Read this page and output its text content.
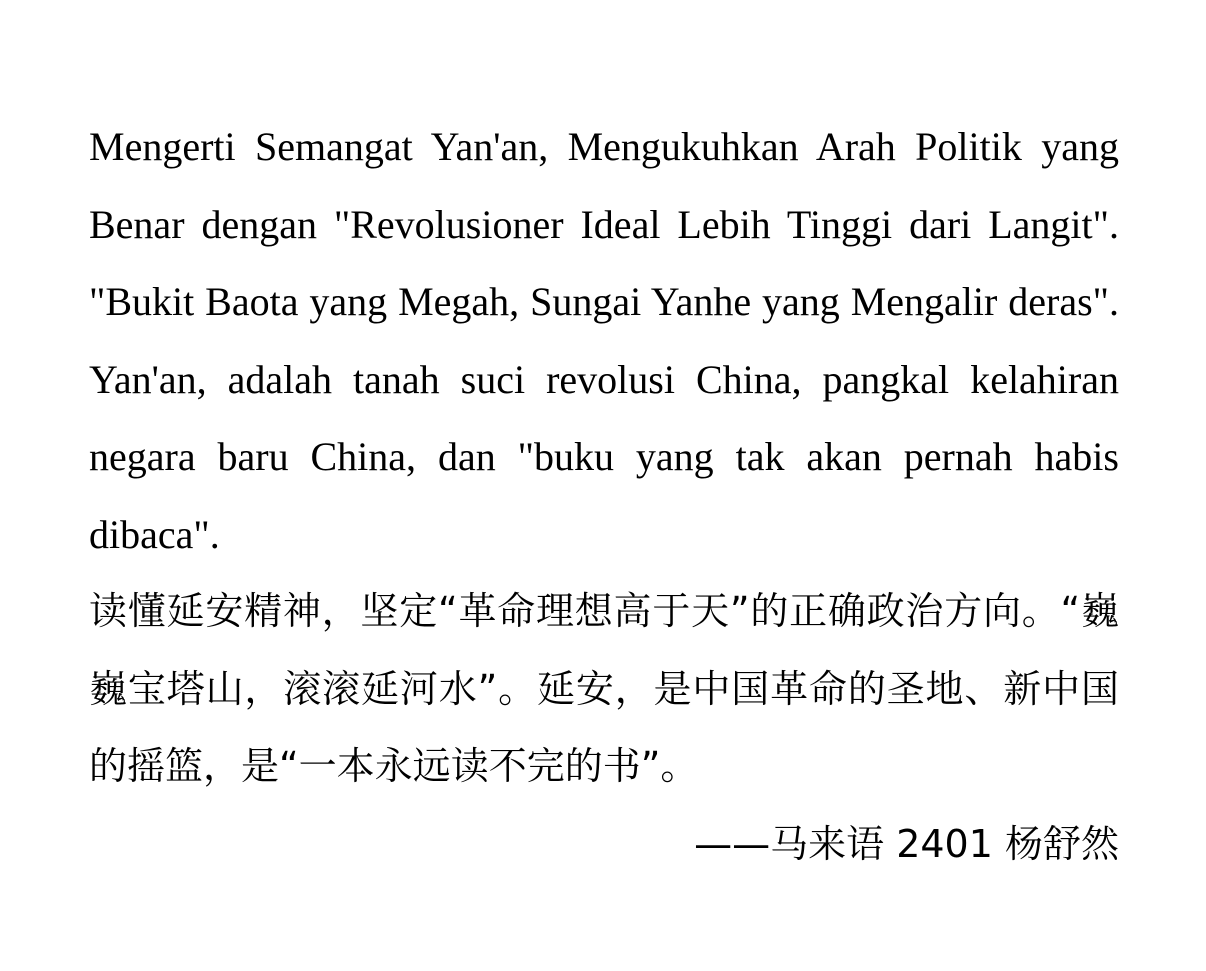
Mengerti Semangat Yan'an, Mengukuhkan Arah Politik yang Benar dengan "Revolusioner Ideal Lebih Tinggi dari Langit". "Bukit Baota yang Megah, Sungai Yanhe yang Mengalir deras". Yan'an, adalah tanah suci revolusi China, pangkal kelahiran negara baru China, dan "buku yang tak akan pernah habis dibaca".

读懂延安精神，坚定“革命理想高于天”的正确政治方向。“巍巍宝塔山，滚滚延河水”。延安，是中国革命的圣地、新中国的摇篮，是“一本永远读不完的书”。

——马来语 2401 杨舒然
